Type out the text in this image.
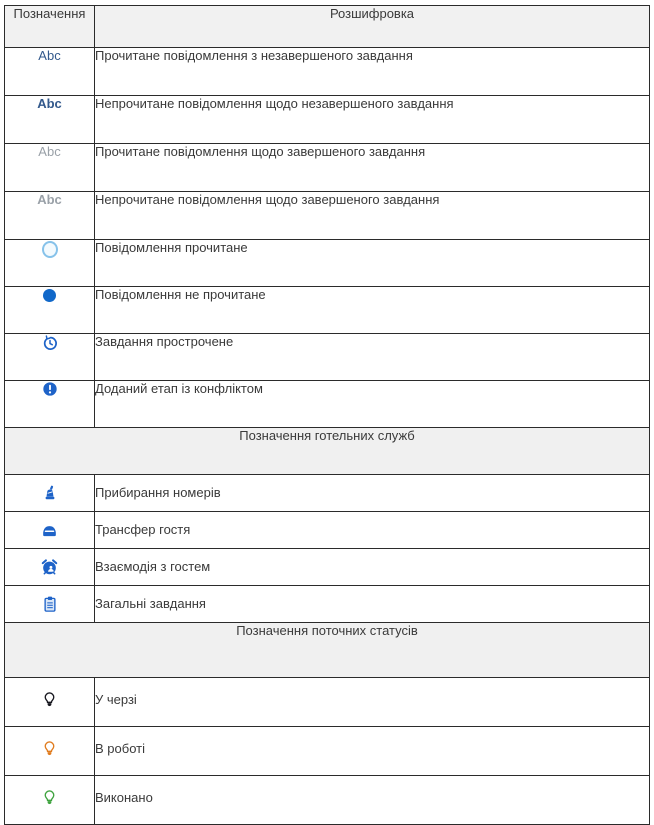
Позначення	Розшифровка
Abc	Прочитане повідомлення з незавершеного завдання
Abc	Непрочитане повідомлення щодо незавершеного завдання
Abc	Прочитане повідомлення щодо завершеного завдання
Abc	Непрочитане повідомлення щодо завершеного завдання
	Повідомлення прочитане
	Повідомлення не прочитане
	Завдання прострочене
	Доданий етап із конфліктом
Позначення готельних служб	
	Прибирання номерів
	Трансфер гостя
	Взаємодія з гостем
	Загальні завдання
Позначення поточних статусів	
	У черзі
	В роботі
	Виконано
